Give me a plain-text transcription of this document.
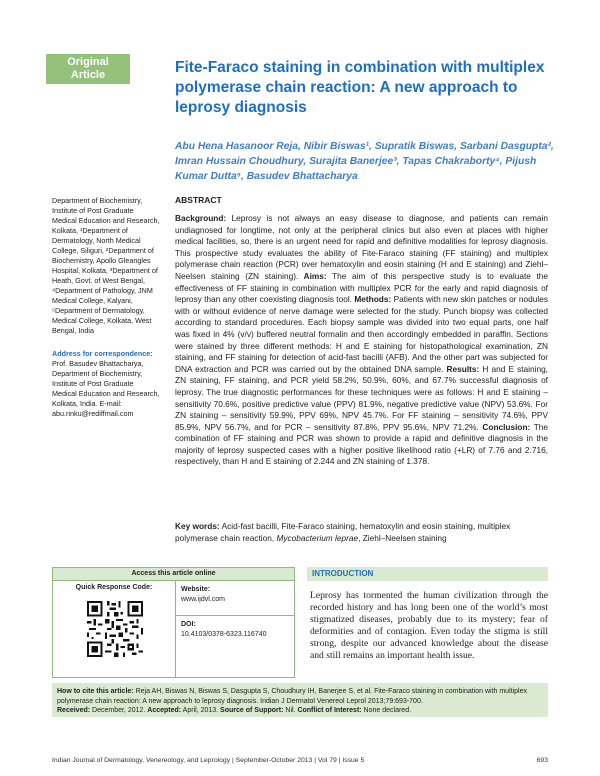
Original
Article	Fite-Faraco staining in combination with multiplex polymerase chain reaction: A new approach to leprosy diagnosis
Abu Hena Hasanoor Reja, Nibir Biswas¹, Supratik Biswas, Sarbani Dasgupta², Imran Hussain Choudhury, Surajita Banerjee³, Tapas Chakraborty⁴, Pijush Kumar Dutta⁵, Basudev Bhattacharya
Department of Biochemistry, Institute of Post Graduate Medical Education and Research, Kolkata, ¹Department of Dermatology, North Medical College, Siliguri, ²Department of Biochemistry, Apollo Gleangles Hospital, Kolkata, ³Department of Heath, Govt. of West Bengal, ⁴Department of Pathology, JNM Medical College, Kalyani, ⁵Department of Dermatology, Medical College, Kolkata, West Bengal, India
Address for correspondence:
Prof. Basudev Bhattacharya, Department of Biochemistry, Institute of Post Graduate Medical Education and Research, Kolkata, India. E-mail: abu.rinku@rediffmail.com
ABSTRACT
Background: Leprosy is not always an easy disease to diagnose, and patients can remain undiagnosed for longtime, not only at the peripheral clinics but also even at places with higher medical facilities, so, there is an urgent need for rapid and definitive modalities for leprosy diagnosis. This prospective study evaluates the ability of Fite-Faraco staining (FF staining) and multiplex polymerase chain reaction (PCR) over hematoxylin and eosin staining (H and E staining) and Ziehl–Neelsen staining (ZN staining). Aims: The aim of this perspective study is to evaluate the effectiveness of FF staining in combination with multiplex PCR for the early and rapid diagnosis of leprosy than any other coexisting diagnosis tool. Methods: Patients with new skin patches or nodules with or without evidence of nerve damage were selected for the study. Punch biopsy was collected according to standard procedures. Each biopsy sample was divided into two equal parts, one half was fixed in 4% (v/v) buffered neutral formalin and then accordingly embedded in paraffin. Sections were stained by three different methods: H and E staining for histopathological examination, ZN staining, and FF staining for detection of acid-fast bacilli (AFB). And the other part was subjected for DNA extraction and PCR was carried out by the obtained DNA sample. Results: H and E staining, ZN staining, FF staining, and PCR yield 58.2%, 50.9%, 60%, and 67.7% successful diagnosis of leprosy. The true diagnostic performances for these techniques were as follows: H and E staining – sensitivity 70.6%, positive predictive value (PPV) 81.9%, negative predictive value (NPV) 53.6%. For ZN staining – sensitivity 59.9%, PPV 69%, NPV 45.7%. For FF staining – sensitivity 74.6%, PPV 85.9%, NPV 56.7%, and for PCR – sensitivity 87.8%, PPV 95.6%, NPV 71.2%. Conclusion: The combination of FF staining and PCR was shown to provide a rapid and definitive diagnosis in the majority of leprosy suspected cases with a higher positive likelihood ratio (+LR) of 7.76 and 2.716, respectively, than H and E staining of 2.244 and ZN staining of 1.378.
Key words: Acid-fast bacilli, Fite-Faraco staining, hematoxylin and eosin staining, multiplex polymerase chain reaction, Mycobacterium leprae, Ziehl–Neelsen staining
Access this article online
Quick Response Code:	Website:
www.ijdvl.com
DOI:
10.4103/0378-6323.116740
INTRODUCTION
Leprosy has tormented the human civilization through the recorded history and has long been one of the world’s most stigmatized diseases, probably due to its mystery; fear of deformities and of contagion. Even today the stigma is still strong, despite our advanced knowledge about the disease and still remains an important health issue.
How to cite this article: Reja AH, Biswas N, Biswas S, Dasgupta S, Choudhury IH, Banerjee S, et al. Fite-Faraco staining in combination with multiplex polymerase chain reaction: A new approach to leprosy diagnosis. Indian J Dermatol Venereol Leprol 2013;79:693-700.
Received: December, 2012. Accepted: April, 2013. Source of Support: Nil. Conflict of Interest: None declared.
Indian Journal of Dermatology, Venereology, and Leprology | September-October 2013 | Vol 79 | Issue 5	693
